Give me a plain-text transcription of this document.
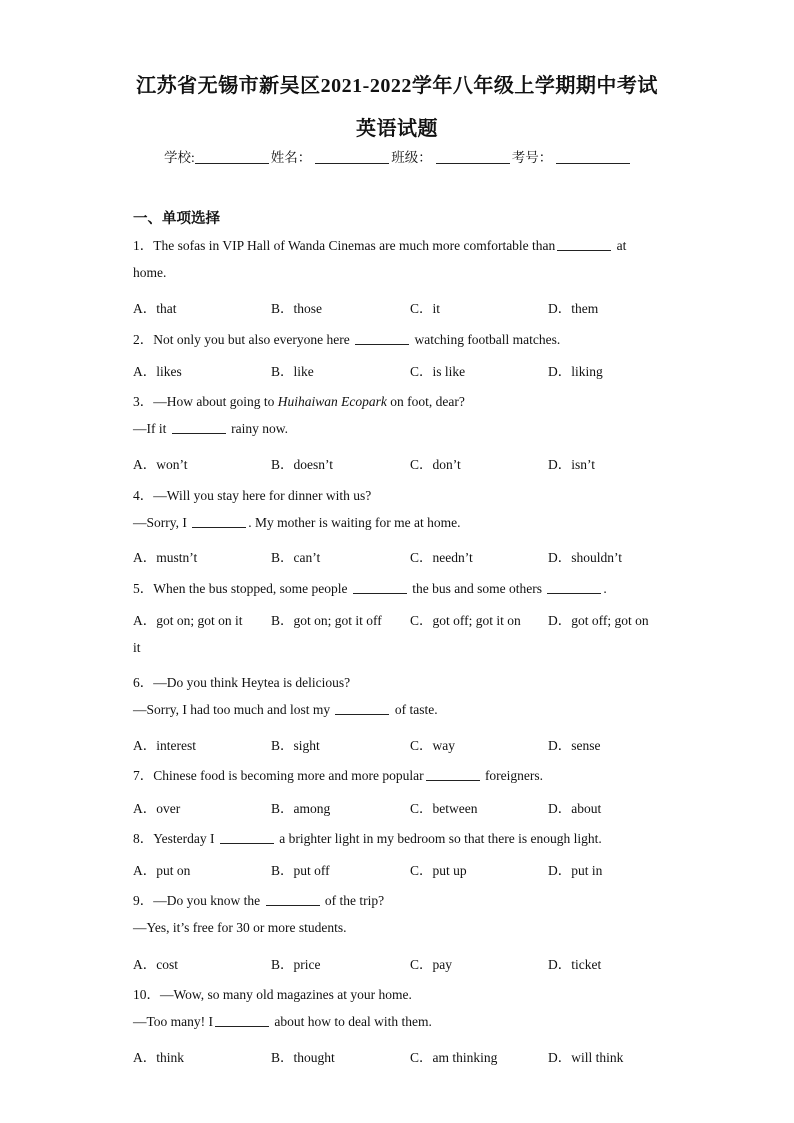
江苏省无锡市新吴区2021-2022学年八年级上学期期中考试
英语试题
学校:	姓名：	班级：	考号：
一、单项选择
1．The sofas in VIP Hall of Wanda Cinemas are much more comfortable than	at
home.
A．that	B．those	C．it	D．them
2．Not only you but also everyone here	watching football matches.
A．likes	B．like	C．is like	D．liking
3．—How about going to Huihaiwan Ecopark on foot, dear?
—If it	rainy now.
A．won’t	B．doesn’t	C．don’t	D．isn’t
4．—Will you stay here for dinner with us?
—Sorry, I	. My mother is waiting for me at home.
A．mustn’t	B．can’t	C．needn’t	D．shouldn’t
5．When the bus stopped, some people	the bus and some others	.
A．got on; got on it B．got on; got it off C．got off; got it on D．got off; got on
it
6．—Do you think Heytea is delicious?
—Sorry, I had too much and lost my	of taste.
A．interest	B．sight	C．way	D．sense
7．Chinese food is becoming more and more popular	foreigners.
A．over	B．among	C．between	D．about
8．Yesterday I	a brighter light in my bedroom so that there is enough light.
A．put on	B．put off	C．put up	D．put in
9．—Do you know the	of the trip?
—Yes, it’s free for 30 or more students.
A．cost	B．price	C．pay	D．ticket
10．—Wow, so many old magazines at your home.
—Too many! I	about how to deal with them.
A．think	B．thought	C．am thinking	D．will think
